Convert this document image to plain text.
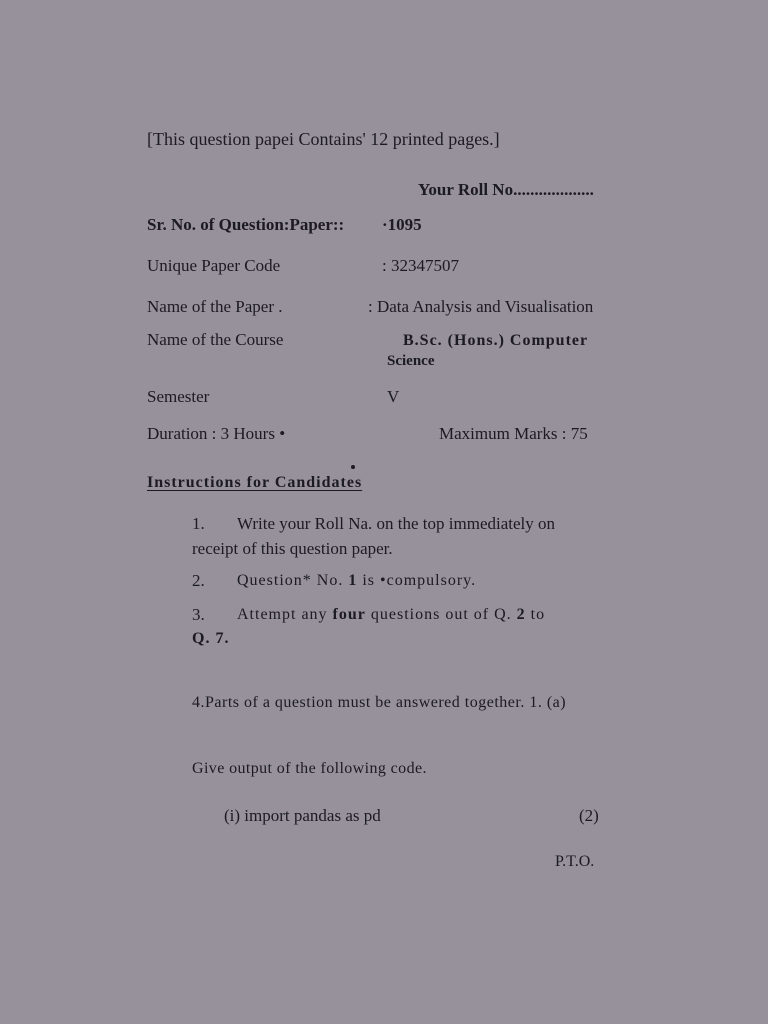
[This question papei Contains' 12 printed pages.]
Your Roll No...................
Sr. No. of Question:Paper:: ·1095
Unique Paper Code	: 32347507
Name of the Paper .	: Data Analysis and Visualisation
Name of the Course	B.Sc. (Hons.) Computer
Science
Semester	V
Duration : 3 Hours •	Maximum Marks : 75
Instructions for Candidates
1. Write your Roll Na. on the top immediately on
receipt of this question paper.
2. Question* No. 1 is •compulsory.
3. Attempt any four questions out of Q. 2 to
Q. 7.
4.Parts of a question must be answered together. 1. (a)
Give output of the following code.
(i) import pandas as pd	(2)
P.T.O.
